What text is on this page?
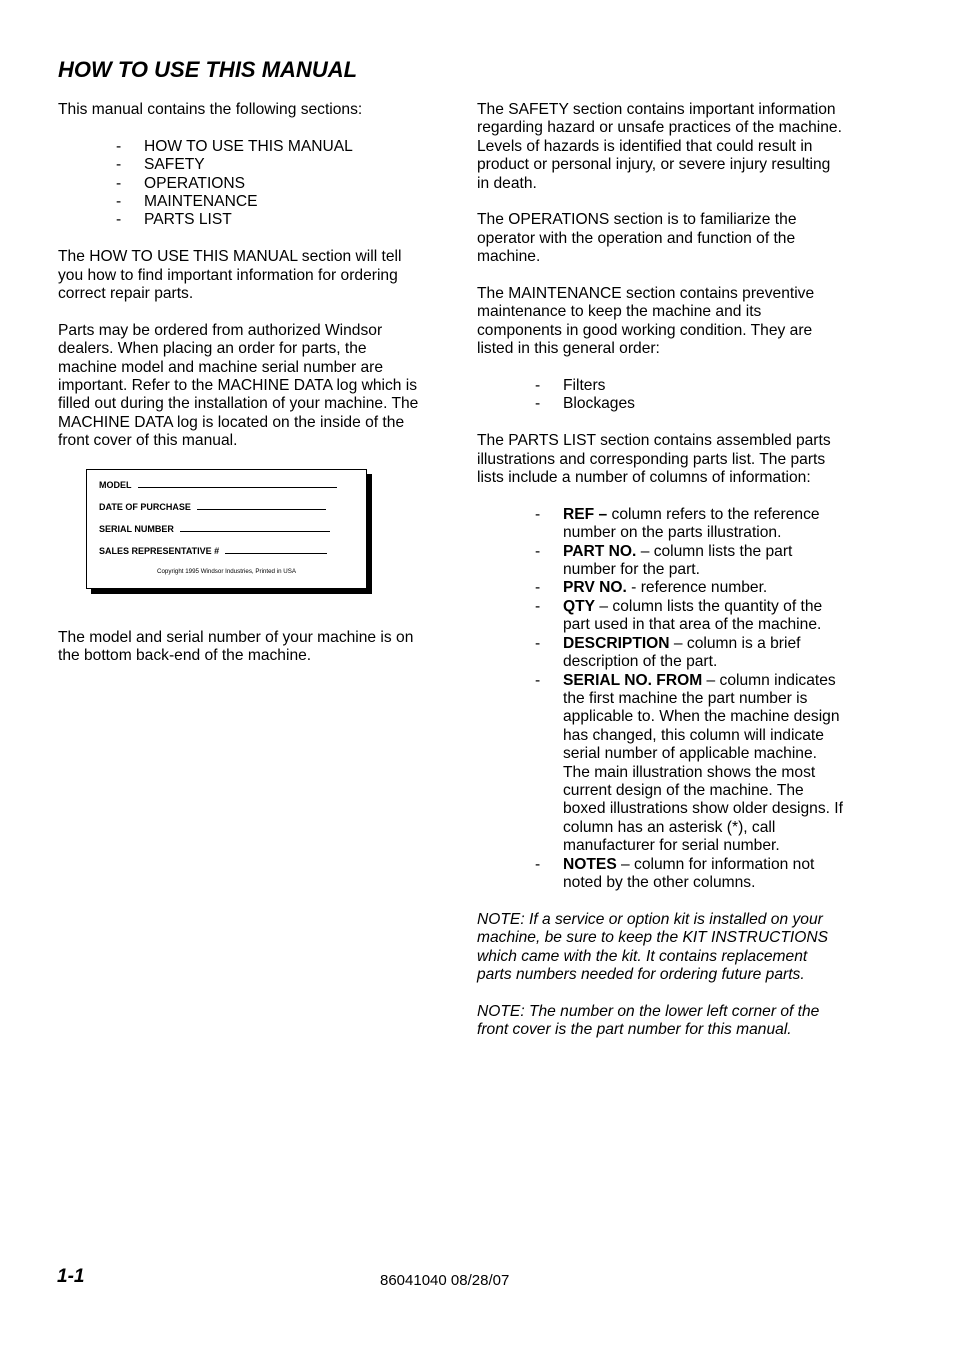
HOW TO USE THIS MANUAL

This manual contains the following sections:

- HOW TO USE THIS MANUAL
- SAFETY
- OPERATIONS
- MAINTENANCE
- PARTS LIST

The HOW TO USE THIS MANUAL section will tell you how to find important information for ordering correct repair parts.

Parts may be ordered from authorized Windsor dealers. When placing an order for parts, the machine model and machine serial number are important. Refer to the MACHINE DATA log which is filled out during the installation of your machine. The MACHINE DATA log is located on the inside of the front cover of this manual.

MODEL
DATE OF PURCHASE
SERIAL NUMBER
SALES REPRESENTATIVE #
Copyright 1995 Windsor Industries, Printed in USA

The model and serial number of your machine is on the bottom back-end of the machine.

The SAFETY section contains important information regarding hazard or unsafe practices of the machine. Levels of hazards is identified that could result in product or personal injury, or severe injury resulting in death.

The OPERATIONS section is to familiarize the operator with the operation and function of the machine.

The MAINTENANCE section contains preventive maintenance to keep the machine and its components in good working condition. They are listed in this general order:

- Filters
- Blockages

The PARTS LIST section contains assembled parts illustrations and corresponding parts list. The parts lists include a number of columns of information:

- REF – column refers to the reference number on the parts illustration.
- PART NO. – column lists the part number for the part.
- PRV NO. - reference number.
- QTY – column lists the quantity of the part used in that area of the machine.
- DESCRIPTION – column is a brief description of the part.
- SERIAL NO. FROM – column indicates the first machine the part number is applicable to. When the machine design has changed, this column will indicate serial number of applicable machine. The main illustration shows the most current design of the machine. The boxed illustrations show older designs. If column has an asterisk (*), call manufacturer for serial number.
- NOTES – column for information not noted by the other columns.

NOTE: If a service or option kit is installed on your machine, be sure to keep the KIT INSTRUCTIONS which came with the kit. It contains replacement parts numbers needed for ordering future parts.

NOTE: The number on the lower left corner of the front cover is the part number for this manual.

1-1	86041040 08/28/07
